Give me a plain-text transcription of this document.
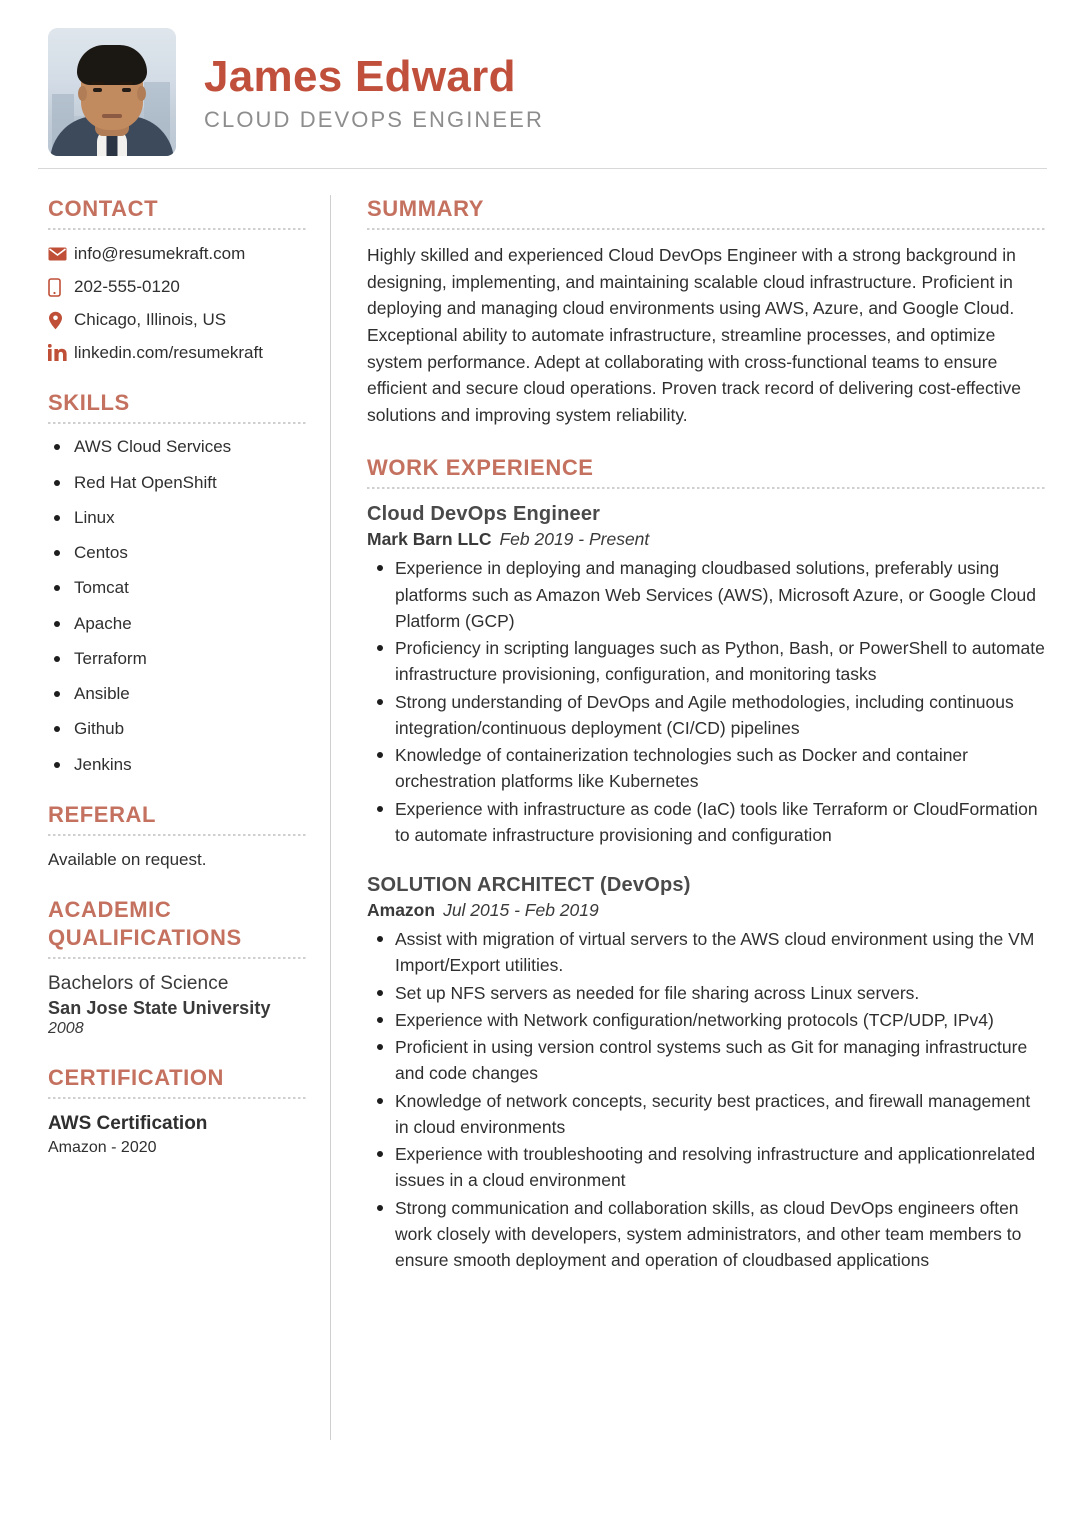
James Edward
CLOUD DEVOPS ENGINEER
CONTACT
info@resumekraft.com
202-555-0120
Chicago, Illinois, US
linkedin.com/resumekraft
SKILLS
AWS Cloud Services
Red Hat OpenShift
Linux
Centos
Tomcat
Apache
Terraform
Ansible
Github
Jenkins
REFERAL
Available on request.
ACADEMIC
QUALIFICATIONS
Bachelors of Science
San Jose State University
2008
CERTIFICATION
AWS Certification
Amazon - 2020
SUMMARY
Highly skilled and experienced Cloud DevOps Engineer with a strong background in designing, implementing, and maintaining scalable cloud infrastructure. Proficient in deploying and managing cloud environments using AWS, Azure, and Google Cloud. Exceptional ability to automate infrastructure, streamline processes, and optimize system performance. Adept at collaborating with cross-functional teams to ensure efficient and secure cloud operations. Proven track record of delivering cost-effective solutions and improving system reliability.
WORK EXPERIENCE
Cloud DevOps Engineer
Mark Barn LLC Feb 2019 - Present
Experience in deploying and managing cloudbased solutions, preferably using platforms such as Amazon Web Services (AWS), Microsoft Azure, or Google Cloud Platform (GCP)
Proficiency in scripting languages such as Python, Bash, or PowerShell to automate infrastructure provisioning, configuration, and monitoring tasks
Strong understanding of DevOps and Agile methodologies, including continuous integration/continuous deployment (CI/CD) pipelines
Knowledge of containerization technologies such as Docker and container orchestration platforms like Kubernetes
Experience with infrastructure as code (IaC) tools like Terraform or CloudFormation to automate infrastructure provisioning and configuration
SOLUTION ARCHITECT (DevOps)
Amazon Jul 2015 - Feb 2019
Assist with migration of virtual servers to the AWS cloud environment using the VM Import/Export utilities.
Set up NFS servers as needed for file sharing across Linux servers.
Experience with Network configuration/networking protocols (TCP/UDP, IPv4)
Proficient in using version control systems such as Git for managing infrastructure and code changes
Knowledge of network concepts, security best practices, and firewall management in cloud environments
Experience with troubleshooting and resolving infrastructure and applicationrelated issues in a cloud environment
Strong communication and collaboration skills, as cloud DevOps engineers often work closely with developers, system administrators, and other team members to ensure smooth deployment and operation of cloudbased applications
